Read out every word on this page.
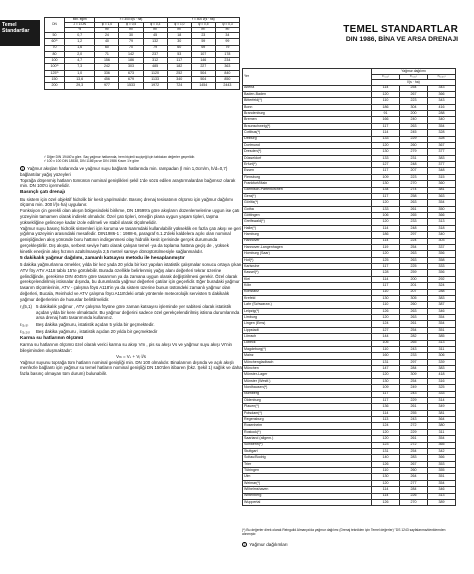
Temel
Standartlar
DN	Min. eğim	r = 300 l/(s · ha)			r = 400 l/(s · ha)		
	J = 1:DN	ψ = 1,0	ψ = 0,5	ψ = 0,3	ψ = 1,0	ψ = 0,5	ψ = 0,3
	%	m²	m²	m²	m²	m²	m²
50	0,7	24	30	45	18	23	34
60¹⁾	1,2	40	79	132	30	59	99
70	1,6	60	70	79	60	69	79
80	2,0	71	142	237	53	107	178
100	4,7	156	186	312	117	146	234
100¹⁾	7,3	242	303	485	182	227	363
125¹⁾	1,0	336	673	1120	252	504	840
150	13,6	456	679	1133	340	504	850
200	29,3	977	1533	1972	724	1454	2443
¹⁾ Diğer DIN 19440'a göre. Saç yağmur hatlarında, hem biçimli suçiçeği için tablodan değerler geçerlidir.
²⁾ 100 x 100 DIN 18538, DIN 1186'ya ve DIN 1986 Kısım 1'e göre

1 Yağmur akışları hatlarında ve yağmur suyu bağlantı hatlarında min. rampadan (l min 1,0cm/m, h/d=0,7) bağlantılar yağış yüzeyleri

Toprağa döşenmiş hatların tümünün nominal genişlikleri şekil 1'de sözü edilen araştırmalardan bağımsız olarak min. DN 100'ü içermelidir.

Basınçlı çatı drenajı

Bu sistem için özel objektif hidrolik bir kesit yapılmalıdır. Basınç drenaj tesisatının ölçümü için yağmur dağılımı ölçümü min. 300 l/(s·ha) uygulanır.

Fonksiyon çin gerekli olan akışın bölgesindeki birikme, DN 19599'a göre akışların düzenlemelerine uygun ise çatı yüzeyinin tamamen olarak indirekt olmalıdır. Özel çatı tipleri, örneğin plana uygun yaşam tipleri, taşma yüksekliğine gelinceye kadar izole edilmeli ve stabil olarak ölçülmelidir.

Yağmur suyu basınç hidrolik sistemleri için koruma ve tasarımdaki kullanılabilir yükseklik en fazla çatı akışı ve geri yığılma yüzeyinin arasındaki mesafedir. DIN1986-1 : 1988-6, paragraf 6.1.2'deki kaldelera açıkı olan nominal genişliğinden akış yönünde boru hattının indirgenmesi olay hidrolik kesit içerisinde gerçek durumunda gerçekleştirilir. Dış akışta, serbest seviye hattı olarak çalışan temel -ya da toplama hattına geçiş de , yüksek kinetik enerjinin akış hızının azaltılmasıyla 2,5 metrel sarsıye dönüştürülmesiyle sağlanmalıdır.

5 dakikalık yağmur dağılımı, zamanlı katsayısı metodu ile hesaplanmıştır

5 dakika yağmurlarına örnekler, yılda bir kez yada 20 yılda bir kez yapılan istatistik çalışmalar sonucu ortaya çıkan ATV föy ATV A118 tablo 15'te görülebilir. Burada özellikle belirlenmiş yağış alanı değerleri tekrar üzerine gelindiğinde, gerekirse DIN 4045'e göre tasarımın ya da zamana uygun olarak değiştirilmesi gerekir. Özel olarak gerekçelendirilmiş istisnalar dışında, bu durumlarda yağmur değerleri çatılar için geçerlidir. Eğer buradaki yağmur tasarım ölçümlerinin, ATV - çalışma föyü A118'in ya da sistem üzerine bunun üstündeki zamanlı yağmur olan değerleri, Bucala, Reinhold ve ATV çalışma föyü A118'deki ortak yöntemle meteorolojik servisten 5 dakikalık yağmur değerlerinin de hususlar belirtilmelidir.

r₁(5,1) 5 dakikalık yağmur , ATV çalışma föyüne göre zaman katsayısı işleminde yer sabitesi olarak istatistik açıdan yılda bir kere olmaktadır. Bu yağmur değerini sadece özel gerekçelendirilmiş istisna durumlarında arsa drenaj hattı tasarımında kullanınız.
r₍₅,₅₎	Beş dakika yağmuru, istatistik açıdan 5 yılda bir geçmektedir.
r₍₅,₂₀₎	Beş dakika yağmuru , istatistik açıdan 20 yılda bir geçmektedir
Karma su hatlarının ölçümü

Karma su hatlarının ölçümü özel olarak verici karma su akışı Vm , pis su akışı Vs ve yağmur suyu akışı Vr'nin bileşiminden oluşmaktadır:

Vₘ = Vₛ + Vᵣ l/s

Yağmur suyunu toprağa tüm hatların nominal genişliği min. DN 100 olmalıdır. Binalarının dışında ve açık akışlı menfezle bağlantı için yağmur su temel hatların nominal genişliği DN 150'den itibaren (bkz. Şekil 1) sağlık ve daha fazla basınç olmayan tüm durum) bulunabilir.

TEMEL STANDARTLAR
DIN 1986, BİNA VE ARSA DRENAJI
Yer	Yağmur dağılımı		
	r₍₅,₁₎	r₍₅,₅₎	r₍₅,₂₀₎
	l/(s · ha)		
Altena	114	254	343
Baden-Baden	120	267	366
Bitterfeld(*)	110	223	343
Bonn	186	304	416
Brandenburg	91	200	288
Bremen	166	240	340
Braunschweig(*)	117	263	354
Cottbus(*)	114	245	328
Delburg	133	229	328
Dortmund	120	260	367
Dresden(*)	130	279	377
Düsseldorf	133	231	383
Erfurt(*)	127	248	377
Essen	117	207	348
Flensburg	109	223	315
Frankfurt/Main	130	270	360
Garmisch-Partenkirchen	134	274	381
Gera(*)	117	258	363
Görlitz(*)	120	263	354
Gotha	133	261	350
Göttingen	106	265	366
Greifswald(*)	120	233	313
Halle(*)	114	248	318
Hamburg	186	297	340
Hannover	114	224	303
Hannover-Langenhagen	119	254	337
Homburg (Saar)	120	263	356
Hof(*)	125	263	358
Karlsruhe	117	225	333
Kassel(*)	128	259	356
Kiel	114	200	292
Köln	117	201	324
Konstanz	110	207	288
Krefeld	130	305	383
Lahr (Schwarzw.)	110	260	387
Leipzig(*)	126	263	346
Limburg	120	263	354
Lingen (Ems)	124	261	354
Lippstadt	127	254	351
Lörrach	144	282	385
Lübeck	105	265	313
Magdeburg(*)	110	243	311
Mainz	160	233	306
Mönchengladbach	131	297	339
München	147	284	383
Münster-Lager	120	309	418
Münster (Westf.)	130	254	316
Nordhausen(*)	109	249	325
Nürnberg	117	243	333
Oldenburg	117	229	314
Plauen(*)	136	261	349
Potsdam(*)	114	255	381
Regensburg	113	243	364
Rosenheim	124	272	380
Rostock(*)	120	229	311
Saarland (allgem.)	120	261	354
Schwerin(*)	123	272	365
Stuttgart	131	254	342
Soltau/Bodrig	140	283	366
Trier	126	267	353
Tübingen	110	260	355
Ulm	130	264	351
Weimar(*)	120	277	354
Wilhelmshaven	114	284	346
Wittenberg	114	226	313
Wuppertal	126	270	389
(*) Bu değerler direk olarak Reinguild Almanya'da yağmur dağılımı (Drenaj tekniklen için Temel değerler) "DS 1243 sayfalarıma/denklemden alınmıştır.
2 Yağmur dağılımları
